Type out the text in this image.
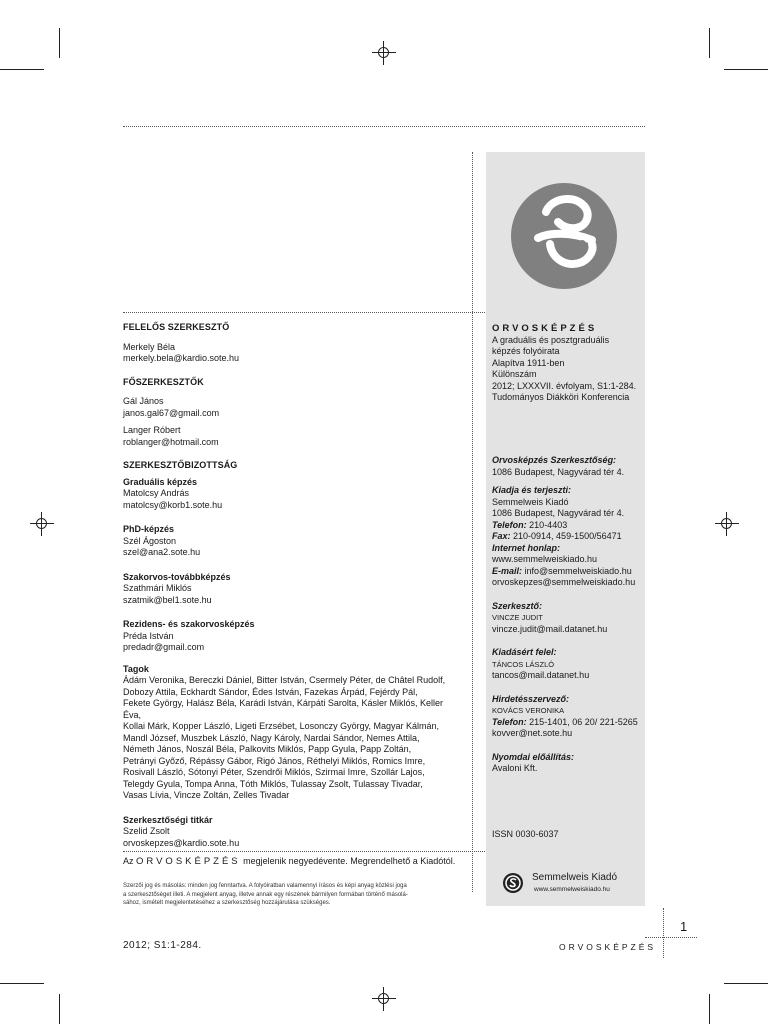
FELELŐS SZERKESZTŐ

Merkely Béla

merkely.bela@kardio.sote.hu

FŐSZERKESZTŐK

Gál János

janos.gal67@gmail.com

Langer Róbert

roblanger@hotmail.com

SZERKESZTŐBIZOTTSÁG

Graduális képzés

Matolcsy András

matolcsy@korb1.sote.hu

PhD-képzés

Szél Ágoston

szel@ana2.sote.hu

Szakorvos-továbbképzés

Szathmári Miklós

szatmik@bel1.sote.hu

Rezidens- és szakorvosképzés

Préda István

predadr@gmail.com

Tagok

Ádám Veronika, Bereczki Dániel, Bitter István, Csermely Péter, de Châtel Rudolf,

Dobozy Attila, Eckhardt Sándor, Édes István, Fazekas Árpád, Fejérdy Pál,

Fekete György, Halász Béla, Karádi István, Kárpáti Sarolta, Kásler Miklós, Keller Éva,

Kollai Márk, Kopper László, Ligeti Erzsébet, Losonczy György, Magyar Kálmán,

Mandl József, Muszbek László, Nagy Károly, Nardai Sándor, Nemes Attila,

Németh János, Noszál Béla, Palkovits Miklós, Papp Gyula, Papp Zoltán,

Petrányi Győző, Répássy Gábor, Rigó János, Réthelyi Miklós, Romics Imre,

Rosivall László, Sótonyi Péter, Szendrői Miklós, Szirmai Imre, Szollár Lajos,

Telegdy Gyula, Tompa Anna, Tóth Miklós, Tulassay Zsolt, Tulassay Tivadar,

Vasas Lívia, Vincze Zoltán, Zelles Tivadar

Szerkesztőségi titkár

Szelid Zsolt

orvoskepzes@kardio.sote.hu

ORVOSKÉPZÉS
A graduális és posztgraduális
képzés folyóirata
Alapítva 1911-ben
Különszám
2012; LXXXVII. évfolyam, S1:1-284.
Tudományos Diákköri Konferencia
Orvosképzés Szerkesztőség:
1086 Budapest, Nagyvárad tér 4.
Kiadja és terjeszti:
Semmelweis Kiadó
1086 Budapest, Nagyvárad tér 4.
Telefon: 210-4403
Fax: 210-0914, 459-1500/56471
Internet honlap:
www.semmelweiskiado.hu
E-mail: info@semmelweiskiado.hu
orvoskepzes@semmelweiskiado.hu
Szerkesztő:
VINCZE JUDIT
vincze.judit@mail.datanet.hu
Kiadásért felel:
TÁNCOS LÁSZLÓ
tancos@mail.datanet.hu
Hirdetésszervező:
KOVÁCS VERONIKA
Telefon: 215-1401, 06 20/ 221-5265
kovver@net.sote.hu
Nyomdai előállítás:
Avaloni Kft.
ISSN 0030-6037
Semmelweis Kiadó
www.semmelweiskiado.hu
Az ORVOSKÉPZÉS megjelenik negyedévente. Megrendelhető a Kiadótól.
Szerzői jog és másolás: minden jog fenntartva. A folyóiratban valamennyi írásos és képi anyag közlési joga
a szerkesztőséget illeti. A megjelent anyag, illetve annak egy részének bármilyen formában történő másolá-
sához, ismételt megjelentetéséhez a szerkesztőség hozzájárulása szükséges.
2012; S1:1-284.	ORVOSKÉPZÉS
1
